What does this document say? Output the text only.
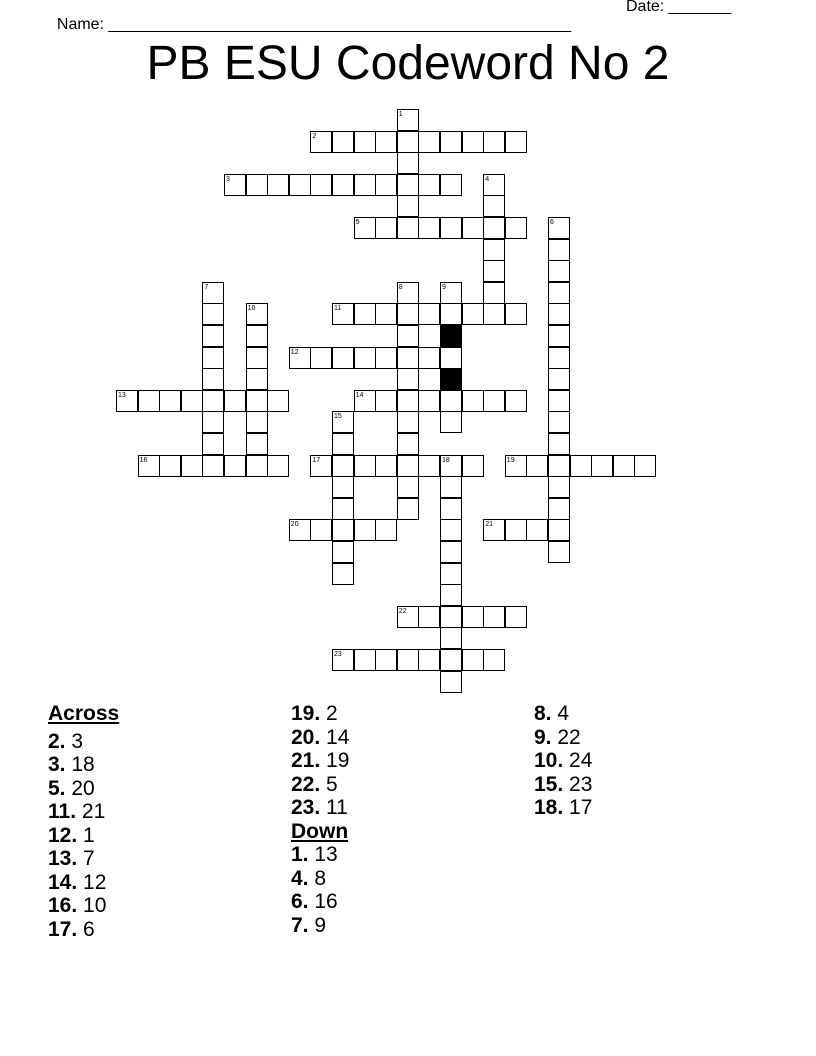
Name: ____________________________________________________

Date: _______

PB ESU Codeword No 2
1
2
3	4
5	6
7	8	9
10	11
12
13	14
15
16	17	18	19
20	21
22
23
Across
2. 3
3. 18
5. 20
11. 21
12. 1
13. 7
14. 12
16. 10
17. 6
19. 2
20. 14
21. 19
22. 5
23. 11
Down
1. 13
4. 8
6. 16
7. 9
8. 4
9. 22
10. 24
15. 23
18. 17
